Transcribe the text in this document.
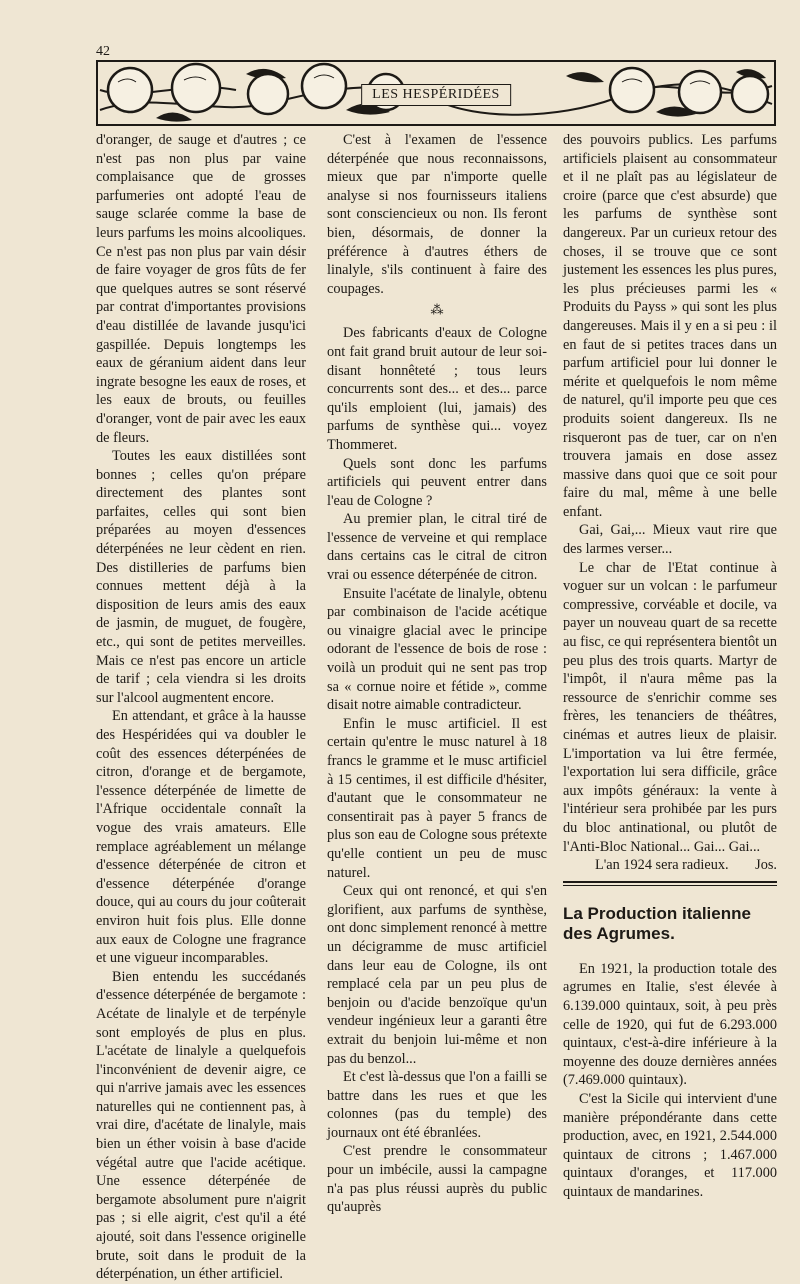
42
LES HESPÉRIDÉES

d'oranger, de sauge et d'autres ; ce n'est pas non plus par vaine complaisance que de grosses parfumeries ont adopté l'eau de sauge sclarée comme la base de leurs parfums les moins alcooliques. Ce n'est pas non plus par vain désir de faire voyager de gros fûts de fer que quelques autres se sont réservé par contrat d'importantes provisions d'eau distillée de lavande jusqu'ici gaspillée. Depuis longtemps les eaux de géranium aident dans leur ingrate besogne les eaux de roses, et les eaux de brouts, ou feuilles d'oranger, vont de pair avec les eaux de fleurs.

Toutes les eaux distillées sont bonnes ; celles qu'on prépare directement des plantes sont parfaites, celles qui sont bien préparées au moyen d'essences déterpénées ne leur cèdent en rien. Des distilleries de parfums bien connues mettent déjà à la disposition de leurs amis des eaux de jasmin, de muguet, de fougère, etc., qui sont de petites merveilles. Mais ce n'est pas encore un article de tarif ; cela viendra si les droits sur l'alcool augmentent encore.

En attendant, et grâce à la hausse des Hespéridées qui va doubler le coût des essences déterpénées de citron, d'orange et de bergamote, l'essence déterpénée de limette de l'Afrique occidentale connaît la vogue des vrais amateurs. Elle remplace agréablement un mélange d'essence déterpénée de citron et d'essence déterpénée d'orange douce, qui au cours du jour coûterait environ huit fois plus. Elle donne aux eaux de Cologne une fragrance et une vigueur incomparables.

Bien entendu les succédanés d'essence déterpénée de bergamote : Acétate de linalyle et de terpényle sont employés de plus en plus. L'acétate de linalyle a quelquefois l'inconvénient de devenir aigre, ce qui n'arrive jamais avec les essences naturelles qui ne contiennent pas, à vrai dire, d'acétate de linalyle, mais bien un éther voisin à base d'acide végétal autre que l'acide acétique. Une essence déterpénée de bergamote absolument pure n'aigrit pas ; si elle aigrit, c'est qu'il a été ajouté, soit dans l'essence originelle brute, soit dans le produit de la déterpénation, un éther artificiel.

C'est à l'examen de l'essence déterpénée que nous reconnaissons, mieux que par n'importe quelle analyse si nos fournisseurs italiens sont consciencieux ou non. Ils feront bien, désormais, de donner la préférence à d'autres éthers de linalyle, s'ils continuent à faire des coupages.

⁂

Des fabricants d'eaux de Cologne ont fait grand bruit autour de leur soi-disant honnêteté ; tous leurs concurrents sont des... et des... parce qu'ils emploient (lui, jamais) des parfums de synthèse qui... voyez Thommeret.

Quels sont donc les parfums artificiels qui peuvent entrer dans l'eau de Cologne ?

Au premier plan, le citral tiré de l'essence de verveine et qui remplace dans certains cas le citral de citron vrai ou essence déterpénée de citron.

Ensuite l'acétate de linalyle, obtenu par combinaison de l'acide acétique ou vinaigre glacial avec le principe odorant de l'essence de bois de rose : voilà un produit qui ne sent pas trop sa « cornue noire et fétide », comme disait notre aimable contradicteur.

Enfin le musc artificiel. Il est certain qu'entre le musc naturel à 18 francs le gramme et le musc artificiel à 15 centimes, il est difficile d'hésiter, d'autant que le consommateur ne consentirait pas à payer 5 francs de plus son eau de Cologne sous prétexte qu'elle contient un peu de musc naturel.

Ceux qui ont renoncé, et qui s'en glorifient, aux parfums de synthèse, ont donc simplement renoncé à mettre un décigramme de musc artificiel dans leur eau de Cologne, ils ont remplacé cela par un peu plus de benjoin ou d'acide benzoïque qu'un vendeur ingénieux leur a garanti être extrait du benjoin lui-même et non pas du benzol...

Et c'est là-dessus que l'on a failli se battre dans les rues et que les colonnes (pas du temple) des journaux ont été ébranlées.

C'est prendre le consommateur pour un imbécile, aussi la campagne n'a pas plus réussi auprès du public qu'auprès

des pouvoirs publics. Les parfums artificiels plaisent au consommateur et il ne plaît pas au législateur de croire (parce que c'est absurde) que les parfums de synthèse sont dangereux. Par un curieux retour des choses, il se trouve que ce sont justement les essences les plus pures, les plus précieuses parmi les « Produits du Payss » qui sont les plus dangereuses. Mais il y en a si peu : il en faut de si petites traces dans un parfum artificiel pour lui donner le mérite et quelquefois le nom même de naturel, qu'il importe peu que ces produits soient dangereux. Ils ne risqueront pas de tuer, car on n'en trouvera jamais en dose assez massive dans quoi que ce soit pour faire du mal, même à une belle enfant.

Gai, Gai,... Mieux vaut rire que des larmes verser...

Le char de l'Etat continue à voguer sur un volcan : le parfumeur compressive, corvéable et docile, va payer un nouveau quart de sa recette au fisc, ce qui représentera bientôt un peu plus des trois quarts. Martyr de l'impôt, il n'aura même pas la ressource de s'enrichir comme ses frères, les tenanciers de théâtres, cinémas et autres lieux de plaisir. L'importation va lui être fermée, l'exportation lui sera difficile, grâce aux impôts généraux: la vente à l'intérieur sera prohibée par les purs du bloc antinational, ou plutôt de l'Anti-Bloc National... Gai... Gai...

L'an 1924 sera radieux.	Jos.

La Production italienne des Agrumes.

En 1921, la production totale des agrumes en Italie, s'est élevée à 6.139.000 quintaux, soit, à peu près celle de 1920, qui fut de 6.293.000 quintaux, c'est-à-dire inférieure à la moyenne des douze dernières années (7.469.000 quintaux).

C'est la Sicile qui intervient d'une manière prépondérante dans cette production, avec, en 1921, 2.544.000 quintaux de citrons ; 1.467.000 quintaux d'oranges, et 117.000 quintaux de mandarines.
